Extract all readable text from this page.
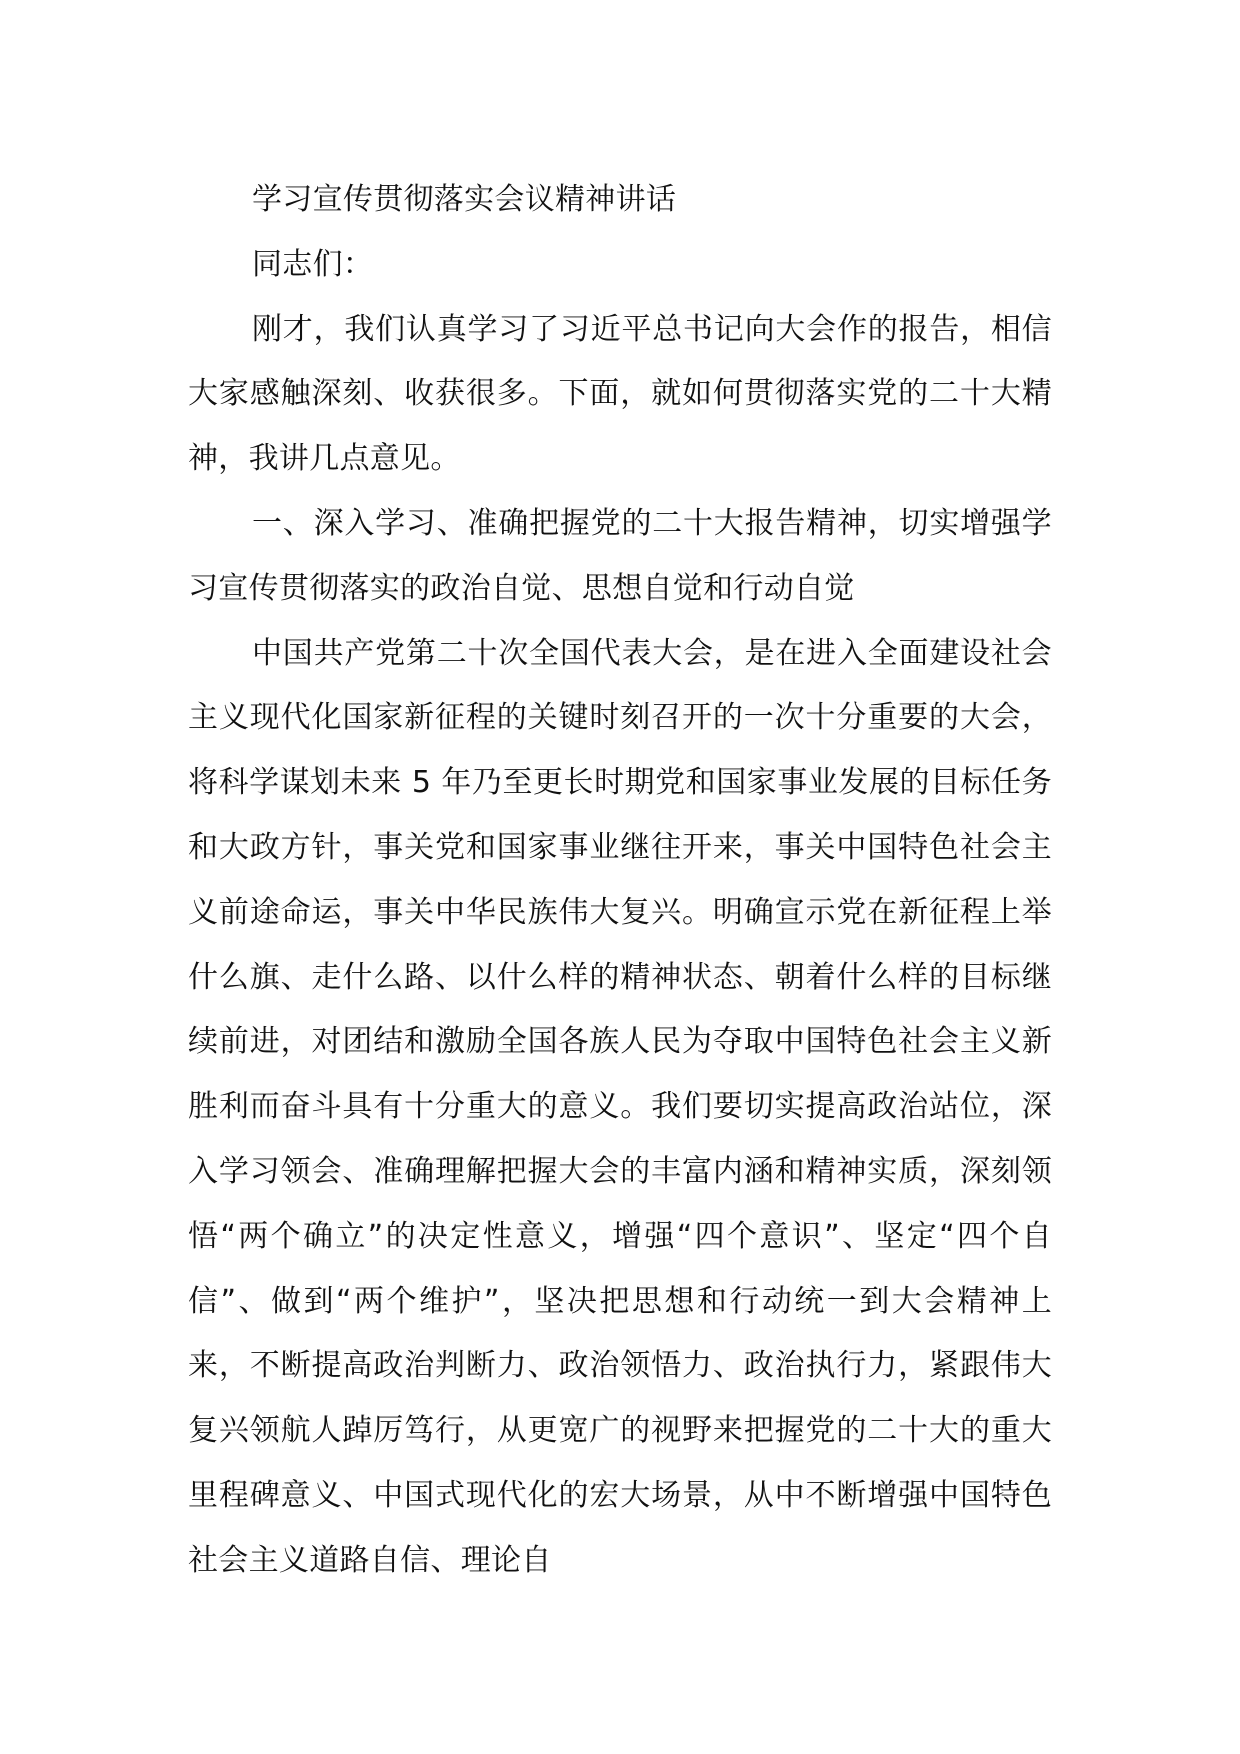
学习宣传贯彻落实会议精神讲话

同志们：

刚才，我们认真学习了习近平总书记向大会作的报告，相信大家感触深刻、收获很多。下面，就如何贯彻落实党的二十大精神，我讲几点意见。

一、深入学习、准确把握党的二十大报告精神，切实增强学习宣传贯彻落实的政治自觉、思想自觉和行动自觉

中国共产党第二十次全国代表大会，是在进入全面建设社会主义现代化国家新征程的关键时刻召开的一次十分重要的大会，将科学谋划未来 5 年乃至更长时期党和国家事业发展的目标任务和大政方针，事关党和国家事业继往开来，事关中国特色社会主义前途命运，事关中华民族伟大复兴。明确宣示党在新征程上举什么旗、走什么路、以什么样的精神状态、朝着什么样的目标继续前进，对团结和激励全国各族人民为夺取中国特色社会主义新胜利而奋斗具有十分重大的意义。我们要切实提高政治站位，深入学习领会、准确理解把握大会的丰富内涵和精神实质，深刻领悟“两个确立”的决定性意义，增强“四个意识”、坚定“四个自信”、做到“两个维护”，坚决把思想和行动统一到大会精神上来，不断提高政治判断力、政治领悟力、政治执行力，紧跟伟大复兴领航人踔厉笃行，从更宽广的视野来把握党的二十大的重大里程碑意义、中国式现代化的宏大场景，从中不断增强中国特色社会主义道路自信、理论自
